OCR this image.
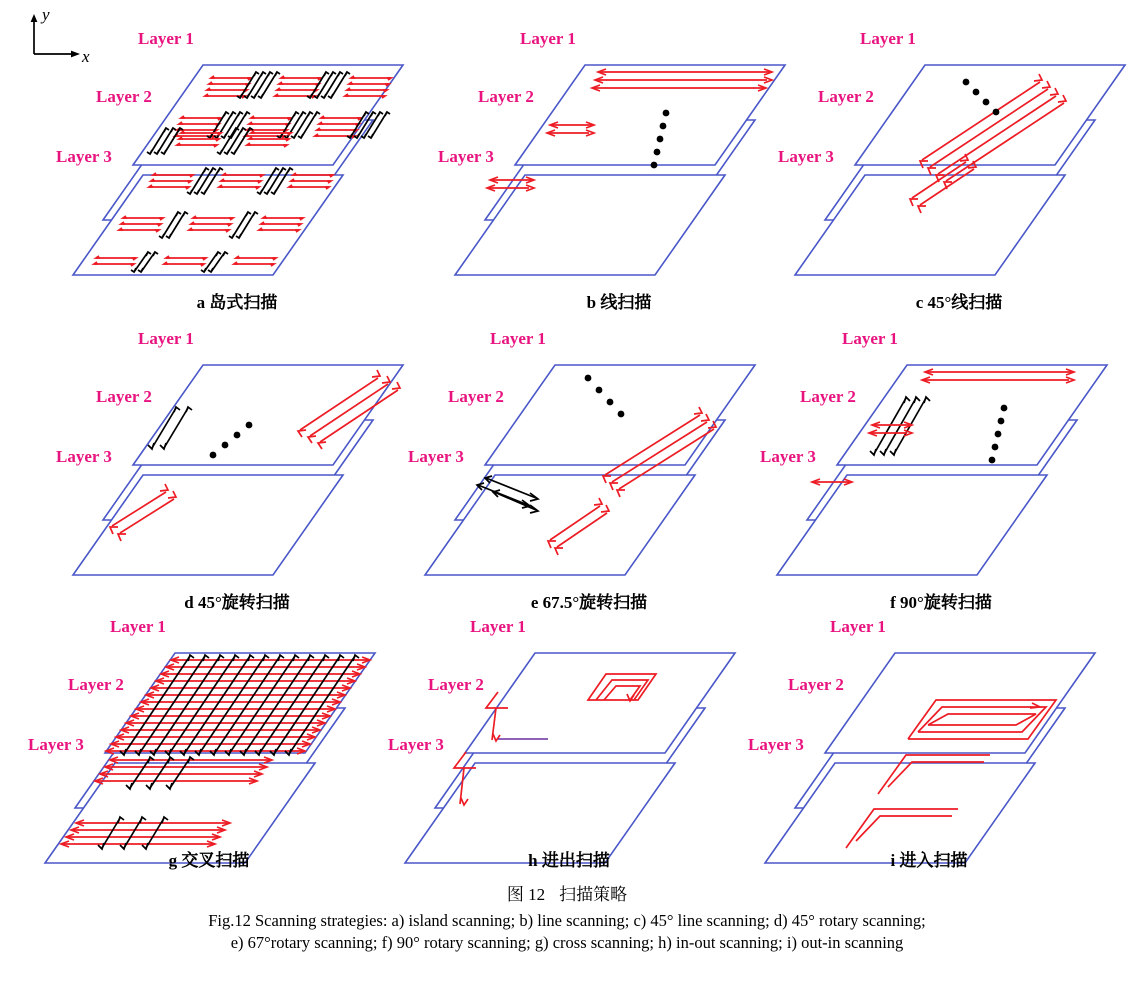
y
x
Layer 1
Layer 2
Layer 3
a 岛式扫描
Layer 1
Layer 2
Layer 3
b 线扫描
Layer 1
Layer 2
Layer 3
c 45°线扫描
Layer 1
Layer 2
Layer 3
d 45°旋转扫描
Layer 1
Layer 2
Layer 3
e 67.5°旋转扫描
Layer 1
Layer 2
Layer 3
f 90°旋转扫描
Layer 1
Layer 2
Layer 3
g 交叉扫描
Layer 1
Layer 2
Layer 3
h 进出扫描
Layer 1
Layer 2
Layer 3
i 进入扫描
图 12 扫描策略
Fig.12 Scanning strategies: a) island scanning; b) line scanning; c) 45° line scanning; d) 45° rotary scanning;
e) 67°rotary scanning; f) 90° rotary scanning; g) cross scanning; h) in-out scanning; i) out-in scanning
